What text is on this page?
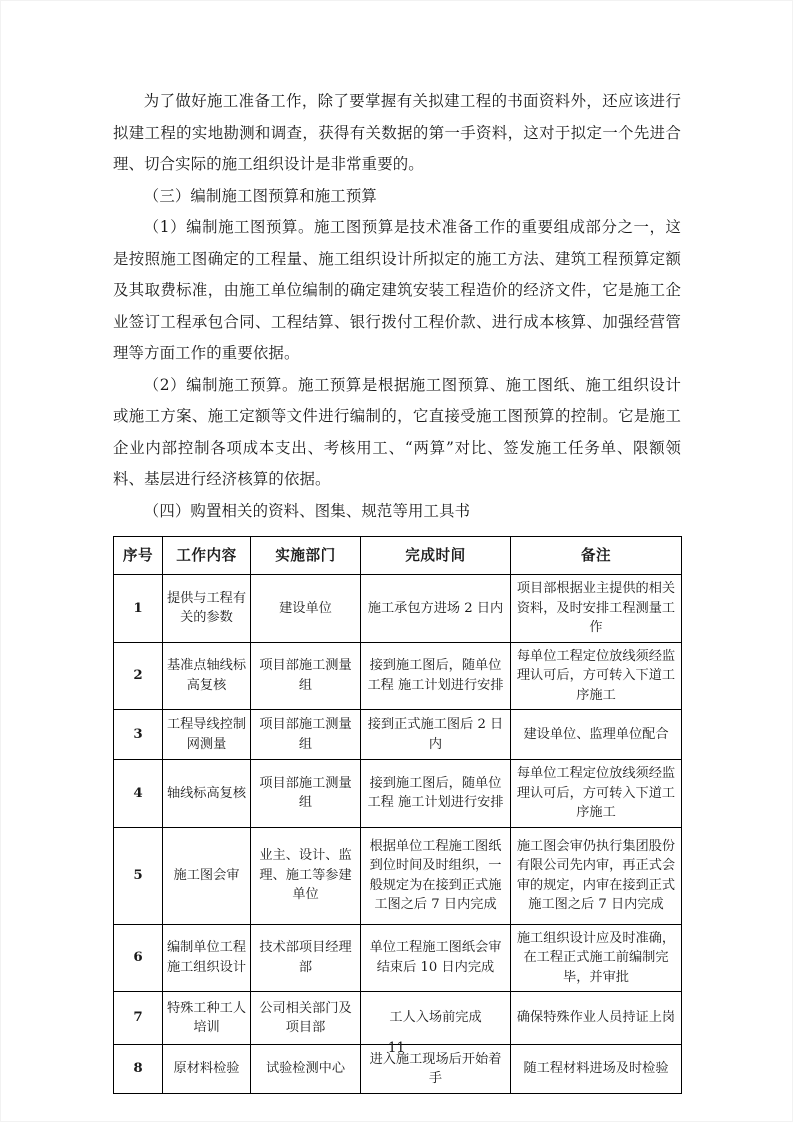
为了做好施工准备工作，除了要掌握有关拟建工程的书面资料外，还应该进行拟建工程的实地勘测和调查，获得有关数据的第一手资料，这对于拟定一个先进合理、切合实际的施工组织设计是非常重要的。

（三）编制施工图预算和施工预算

（1）编制施工图预算。施工图预算是技术准备工作的重要组成部分之一，这是按照施工图确定的工程量、施工组织设计所拟定的施工方法、建筑工程预算定额及其取费标准，由施工单位编制的确定建筑安装工程造价的经济文件，它是施工企业签订工程承包合同、工程结算、银行拨付工程价款、进行成本核算、加强经营管理等方面工作的重要依据。

（2）编制施工预算。施工预算是根据施工图预算、施工图纸、施工组织设计或施工方案、施工定额等文件进行编制的，它直接受施工图预算的控制。它是施工企业内部控制各项成本支出、考核用工、“两算”对比、签发施工任务单、限额领料、基层进行经济核算的依据。

（四）购置相关的资料、图集、规范等用工具书

序号	工作内容	实施部门	完成时间	备注
1	提供与工程有关的参数	建设单位	施工承包方进场 2 日内	项目部根据业主提供的相关资料，及时安排工程测量工作
2	基准点轴线标高复核	项目部施工测量组	接到施工图后，随单位工程 施工计划进行安排	每单位工程定位放线须经监理认可后，方可转入下道工序施工
3	工程导线控制网测量	项目部施工测量组	接到正式施工图后 2 日内	建设单位、监理单位配合
4	轴线标高复核	项目部施工测量组	接到施工图后，随单位工程 施工计划进行安排	每单位工程定位放线须经监理认可后，方可转入下道工序施工
5	施工图会审	业主、设计、监理、施工等参建单位	根据单位工程施工图纸到位时间及时组织，一般规定为在接到正式施工图之后 7 日内完成	施工图会审仍执行集团股份有限公司先内审，再正式会审的规定，内审在接到正式施工图之后 7 日内完成
6	编制单位工程施工组织设计	技术部项目经理部	单位工程施工图纸会审结束后 10 日内完成	施工组织设计应及时准确，在工程正式施工前编制完毕，并审批
7	特殊工种工人培训	公司相关部门及项目部	工人入场前完成	确保特殊作业人员持证上岗
8	原材料检验	试验检测中心	进入施工现场后开始着手	随工程材料进场及时检验
11
